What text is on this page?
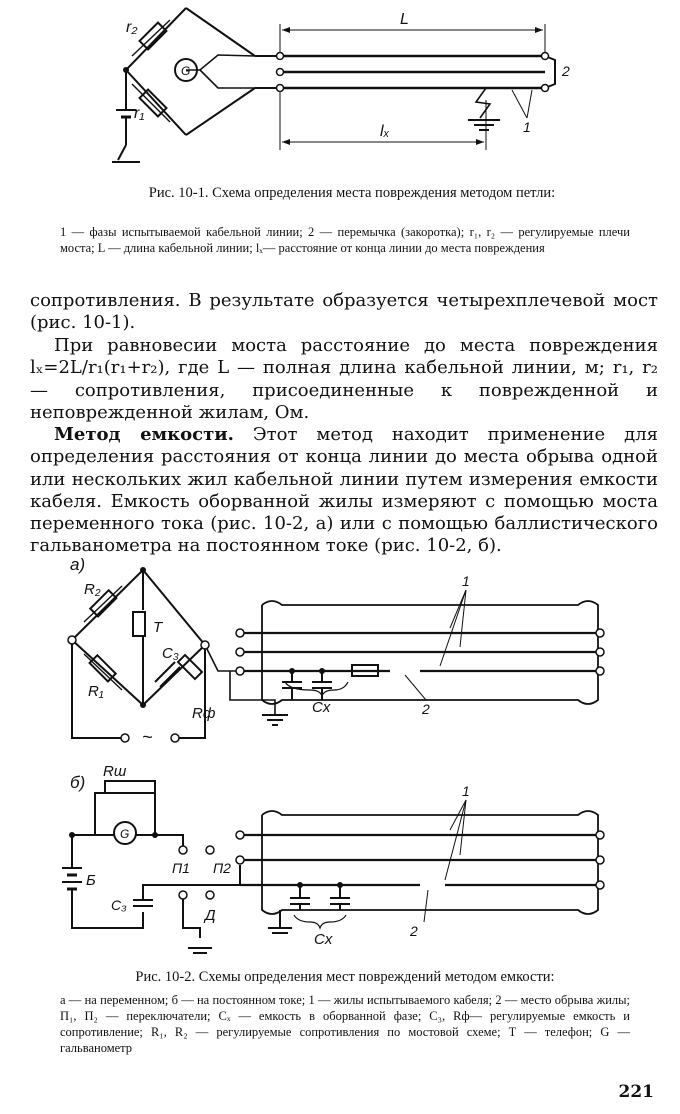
r₂
r₁
G
L
lₓ
2
1
Рис. 10-1. Схема определения места повреждения методом петли:
1 — фазы испытываемой кабельной линии; 2 — перемычка (закоротка); r₁, r₂ — регулируемые плечи моста; L — длина кабельной линии; lₓ— расстояние от конца линии до места повреждения
сопротивления. В результате образуется четырехплечевой мост (рис. 10-1).
При равновесии моста расстояние до места повреждения lₓ=2L/r₁(r₁+r₂), где L — полная длина кабельной линии, м; r₁, r₂ — сопротивления, присоединенные к поврежденной и неповрежденной жилам, Ом.
Метод емкости. Этот метод находит применение для определения расстояния от конца линии до места обрыва одной или нескольких жил кабельной линии путем измерения емкости кабеля. Емкость оборванной жилы измеряют с помощью моста переменного тока (рис. 10-2, а) или с помощью баллистического гальванометра на постоянном токе (рис. 10-2, б).
а)
R₂
T
C₃
R₁
Rф	Cx
1
2
~
б)
Rш
G
П1 П2
Б
C₃
Д
Cx
1
2
Рис. 10-2. Схемы определения мест повреждений методом емкости:
а — на переменном; б — на постоянном токе; 1 — жилы испытываемого кабеля; 2 — место обрыва жилы; П₁, П₂ — переключатели; Cₓ — емкость в оборванной фазе; C₃, Rф— регулируемые емкость и сопротивление; R₁, R₂ — регулируемые сопротивления по мостовой схеме; T — телефон; G — гальванометр
221
